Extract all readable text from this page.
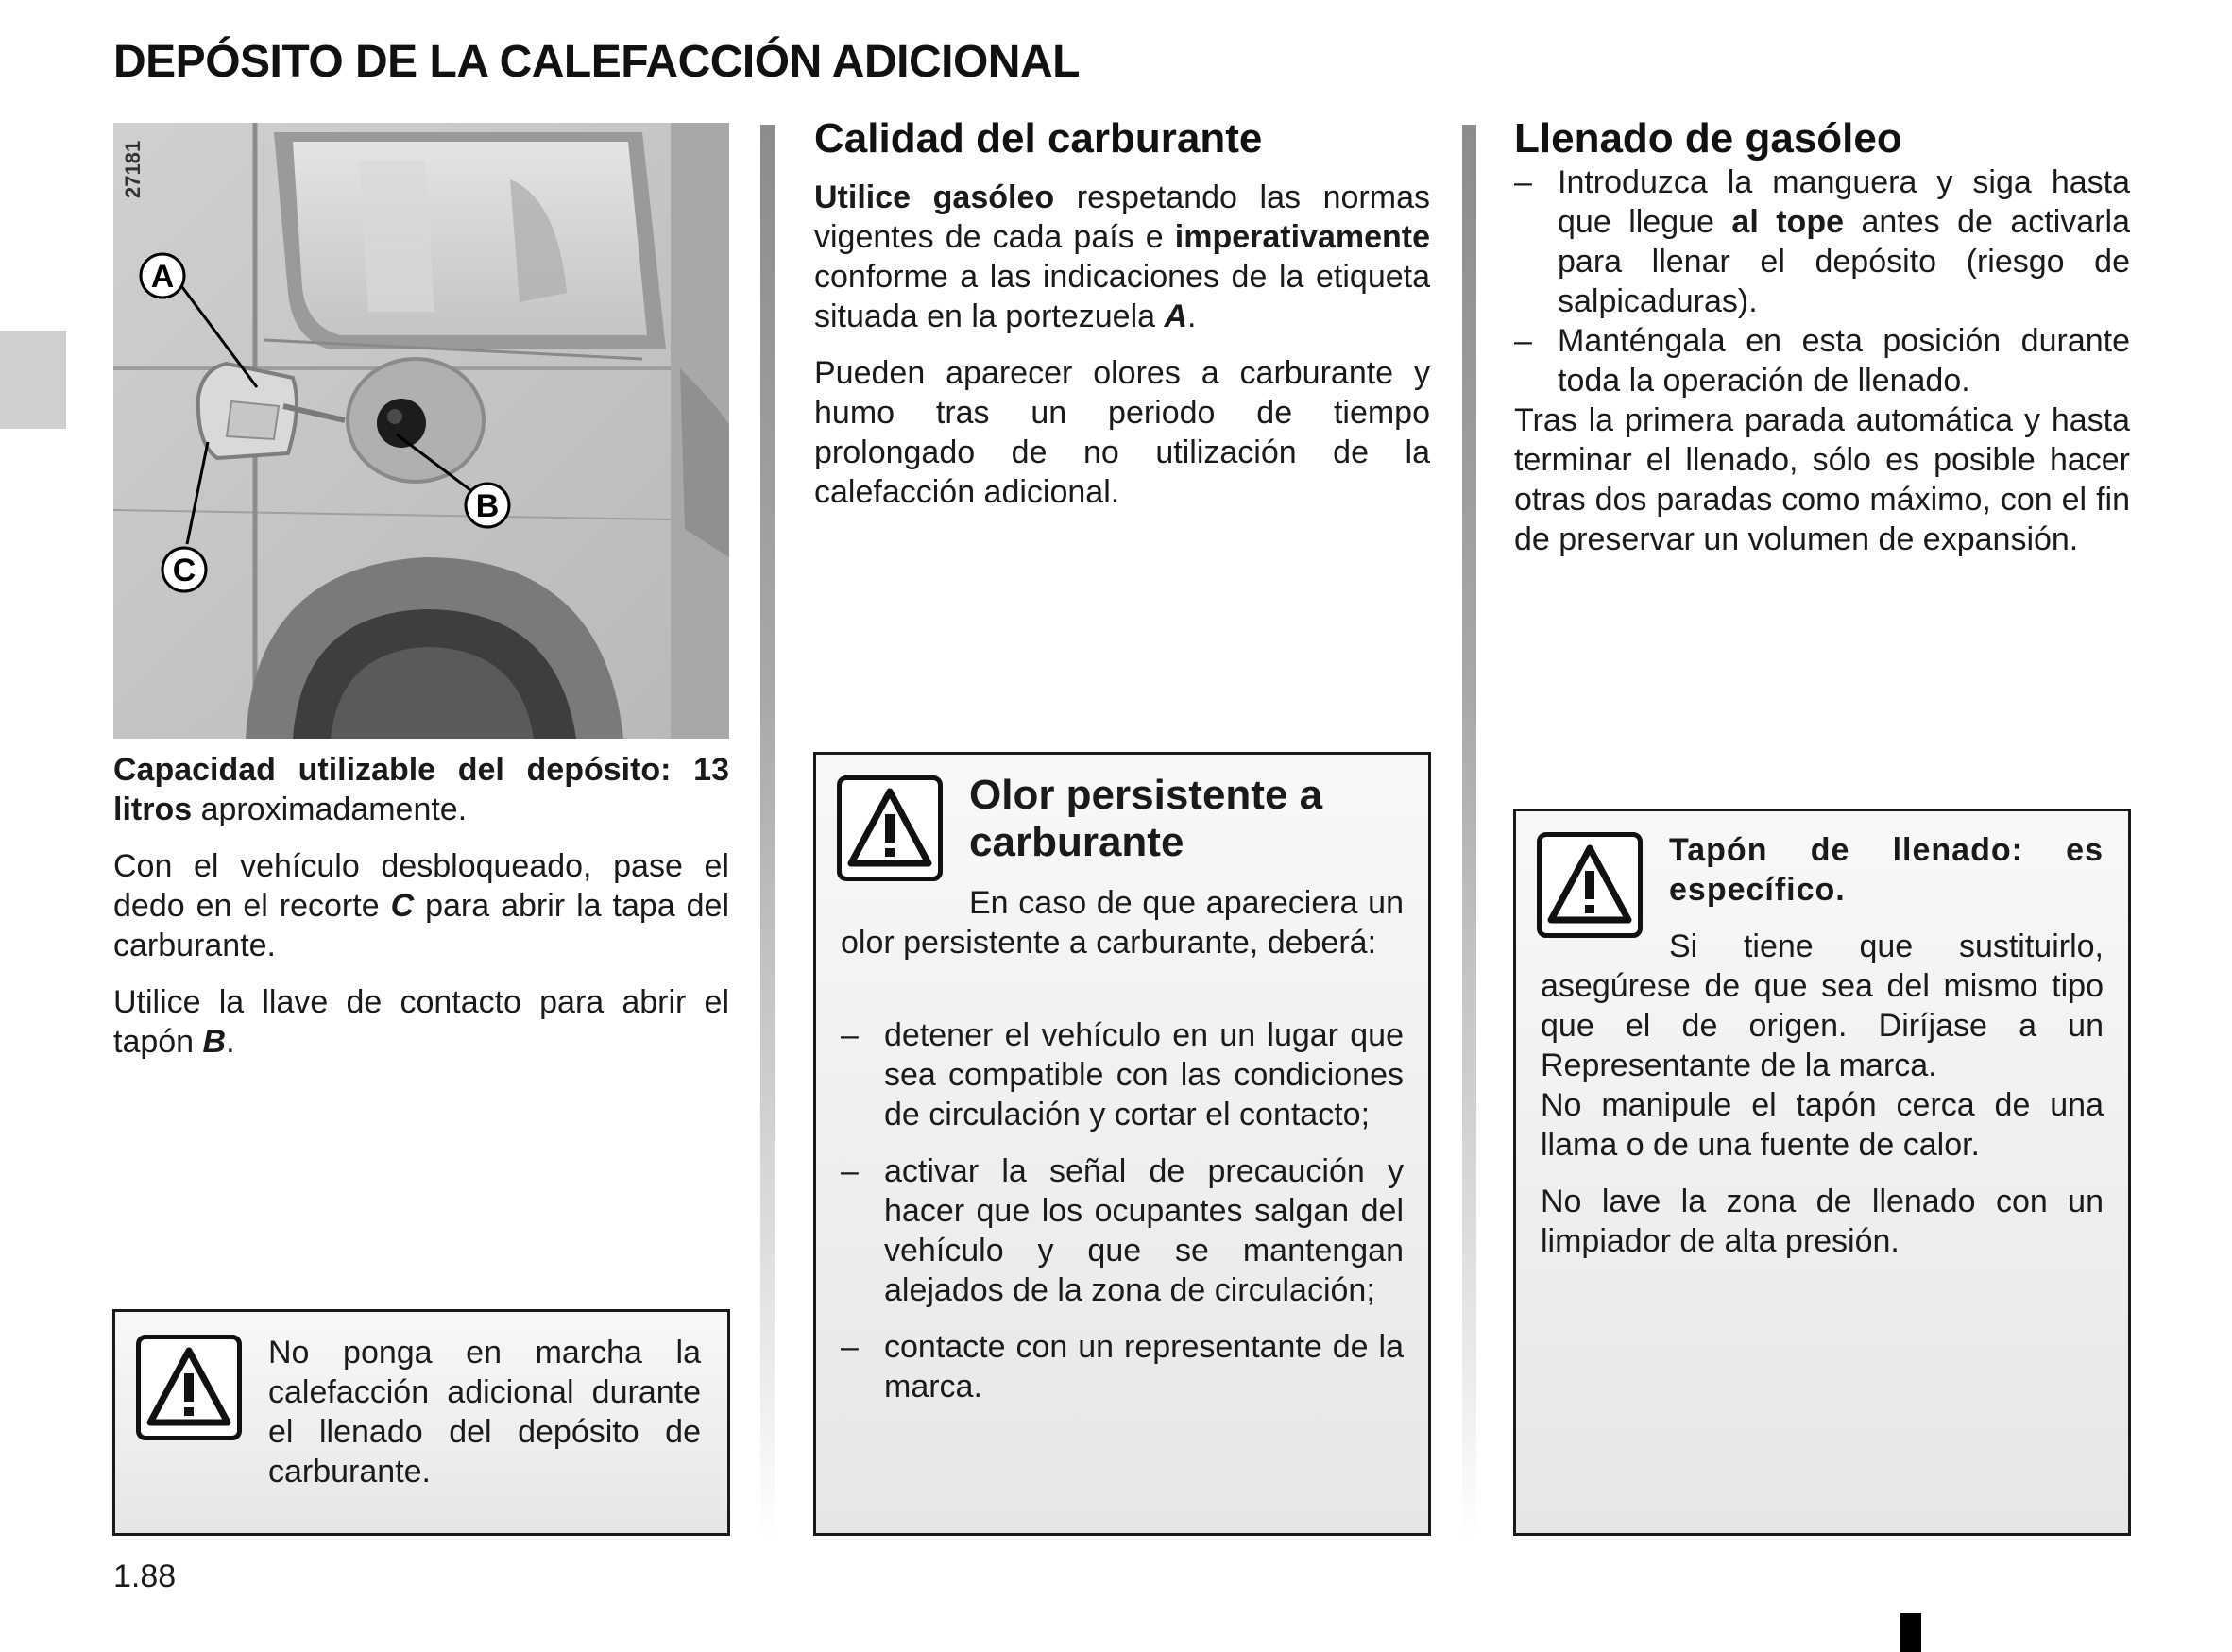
DEPÓSITO DE LA CALEFACCIÓN ADICIONAL
27181
A
B
C

Capacidad utilizable del depósito: 13 litros aproximadamente.

Con el vehículo desbloqueado, pase el dedo en el recorte C para abrir la tapa del carburante.

Utilice la llave de contacto para abrir el tapón B.

No ponga en marcha la calefacción adicional durante el llenado del depósito de carburante.
Calidad del carburante

Utilice gasóleo respetando las normas vigentes de cada país e imperativamente conforme a las indicaciones de la etiqueta situada en la portezuela A.

Pueden aparecer olores a carburante y humo tras un periodo de tiempo prolongado de no utilización de la calefacción adicional.

Olor persistente a carburante
En caso de que apareciera un olor persistente a carburante, deberá:
– detener el vehículo en un lugar que sea compatible con las condiciones de circulación y cortar el contacto;
– activar la señal de precaución y hacer que los ocupantes salgan del vehículo y que se mantengan alejados de la zona de circulación;
– contacte con un representante de la marca.
Llenado de gasóleo
– Introduzca la manguera y siga hasta que llegue al tope antes de activarla para llenar el depósito (riesgo de salpicaduras).
– Manténgala en esta posición durante toda la operación de llenado.

Tras la primera parada automática y hasta terminar el llenado, sólo es posible hacer otras dos paradas como máximo, con el fin de preservar un volumen de expansión.

Tapón de llenado: es específico.

Si tiene que sustituirlo, asegúrese de que sea del mismo tipo que el de origen. Diríjase a un Representante de la marca.

No manipule el tapón cerca de una llama o de una fuente de calor.

No lave la zona de llenado con un limpiador de alta presión.

1.88
